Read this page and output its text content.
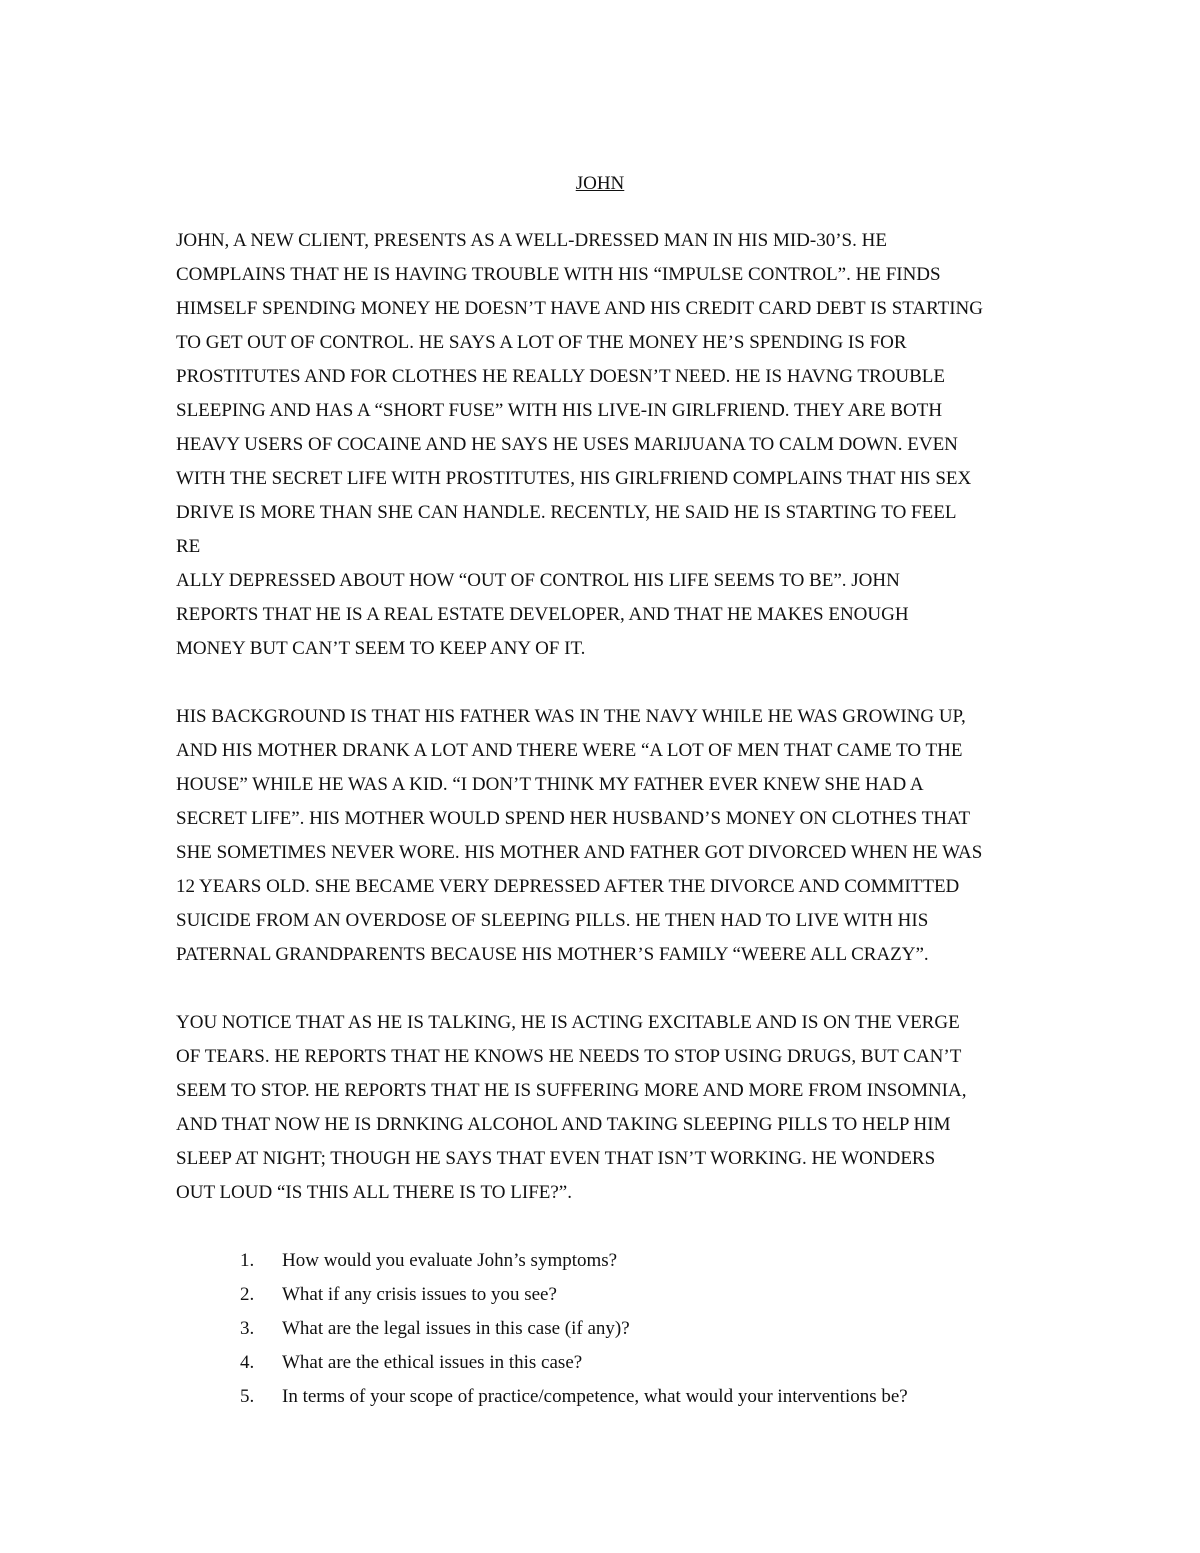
JOHN
JOHN, A NEW CLIENT, PRESENTS AS A WELL-DRESSED MAN IN HIS MID-30’S. HE
COMPLAINS THAT HE IS HAVING TROUBLE WITH HIS “IMPULSE CONTROL”. HE FINDS
HIMSELF SPENDING MONEY HE DOESN’T HAVE AND HIS CREDIT CARD DEBT IS STARTING
TO GET OUT OF CONTROL. HE SAYS A LOT OF THE MONEY HE’S SPENDING IS FOR
PROSTITUTES AND FOR CLOTHES HE REALLY DOESN’T NEED. HE IS HAVNG TROUBLE
SLEEPING AND HAS A “SHORT FUSE” WITH HIS LIVE-IN GIRLFRIEND. THEY ARE BOTH
HEAVY USERS OF COCAINE AND HE SAYS HE USES MARIJUANA TO CALM DOWN. EVEN
WITH THE SECRET LIFE WITH PROSTITUTES, HIS GIRLFRIEND COMPLAINS THAT HIS SEX
DRIVE IS MORE THAN SHE CAN HANDLE. RECENTLY, HE SAID HE IS STARTING TO FEEL
RE
ALLY DEPRESSED ABOUT HOW “OUT OF CONTROL HIS LIFE SEEMS TO BE”. JOHN
REPORTS THAT HE IS A REAL ESTATE DEVELOPER, AND THAT HE MAKES ENOUGH
MONEY BUT CAN’T SEEM TO KEEP ANY OF IT.
HIS BACKGROUND IS THAT HIS FATHER WAS IN THE NAVY WHILE HE WAS GROWING UP,
AND HIS MOTHER DRANK A LOT AND THERE WERE “A LOT OF MEN THAT CAME TO THE
HOUSE” WHILE HE WAS A KID. “I DON’T THINK MY FATHER EVER KNEW SHE HAD A
SECRET LIFE”. HIS MOTHER WOULD SPEND HER HUSBAND’S MONEY ON CLOTHES THAT
SHE SOMETIMES NEVER WORE. HIS MOTHER AND FATHER GOT DIVORCED WHEN HE WAS
12 YEARS OLD. SHE BECAME VERY DEPRESSED AFTER THE DIVORCE AND COMMITTED
SUICIDE FROM AN OVERDOSE OF SLEEPING PILLS. HE THEN HAD TO LIVE WITH HIS
PATERNAL GRANDPARENTS BECAUSE HIS MOTHER’S FAMILY “WEERE ALL CRAZY”.
YOU NOTICE THAT AS HE IS TALKING, HE IS ACTING EXCITABLE AND IS ON THE VERGE
OF TEARS. HE REPORTS THAT HE KNOWS HE NEEDS TO STOP USING DRUGS, BUT CAN’T
SEEM TO STOP. HE REPORTS THAT HE IS SUFFERING MORE AND MORE FROM INSOMNIA,
AND THAT NOW HE IS DRNKING ALCOHOL AND TAKING SLEEPING PILLS TO HELP HIM
SLEEP AT NIGHT; THOUGH HE SAYS THAT EVEN THAT ISN’T WORKING. HE WONDERS
OUT LOUD “IS THIS ALL THERE IS TO LIFE?”.
1. How would you evaluate John’s symptoms?
2. What if any crisis issues to you see?
3. What are the legal issues in this case (if any)?
4. What are the ethical issues in this case?
5. In terms of your scope of practice/competence, what would your interventions be?
